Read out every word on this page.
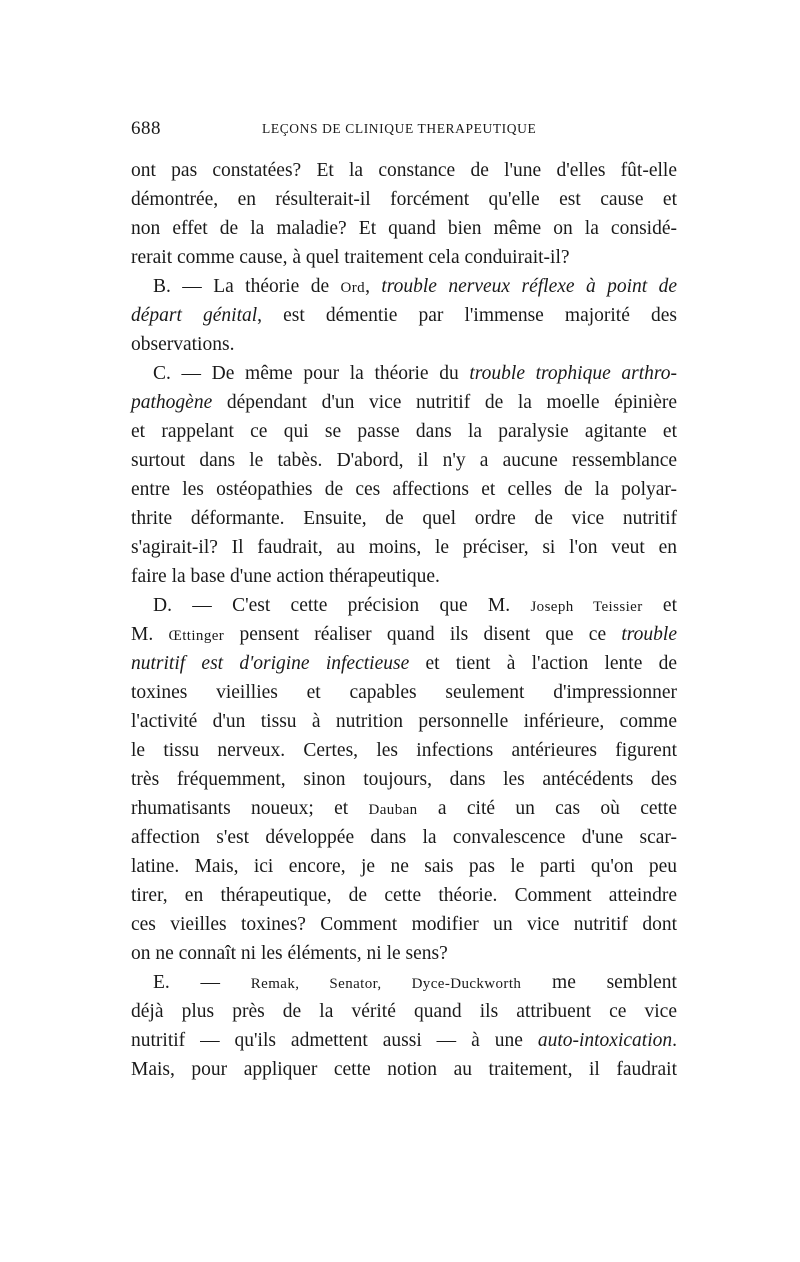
688	LEÇONS DE CLINIQUE THERAPEUTIQUE
ont pas constatées? Et la constance de l'une d'elles fût-elle
démontrée, en résulterait-il forcément qu'elle est cause et
non effet de la maladie? Et quand bien même on la considé-
rerait comme cause, à quel traitement cela conduirait-il?
B. — La théorie de Ord, trouble nerveux réflexe à point de
départ génital, est démentie par l'immense majorité des
observations.
C. — De même pour la théorie du trouble trophique arthro-
pathogène dépendant d'un vice nutritif de la moelle épinière
et rappelant ce qui se passe dans la paralysie agitante et
surtout dans le tabès. D'abord, il n'y a aucune ressemblance
entre les ostéopathies de ces affections et celles de la polyar-
thrite déformante. Ensuite, de quel ordre de vice nutritif
s'agirait-il? Il faudrait, au moins, le préciser, si l'on veut en
faire la base d'une action thérapeutique.
D. — C'est cette précision que M. Joseph Teissier et
M. Œttinger pensent réaliser quand ils disent que ce trouble
nutritif est d'origine infectieuse et tient à l'action lente de
toxines vieillies et capables seulement d'impressionner
l'activité d'un tissu à nutrition personnelle inférieure, comme
le tissu nerveux. Certes, les infections antérieures figurent
très fréquemment, sinon toujours, dans les antécédents des
rhumatisants noueux; et Dauban a cité un cas où cette
affection s'est développée dans la convalescence d'une scar-
latine. Mais, ici encore, je ne sais pas le parti qu'on peu
tirer, en thérapeutique, de cette théorie. Comment atteindre
ces vieilles toxines? Comment modifier un vice nutritif dont
on ne connaît ni les éléments, ni le sens?
E. — Remak, Senator, Dyce-Duckworth me semblent
déjà plus près de la vérité quand ils attribuent ce vice
nutritif — qu'ils admettent aussi — à une auto-intoxication.
Mais, pour appliquer cette notion au traitement, il faudrait
